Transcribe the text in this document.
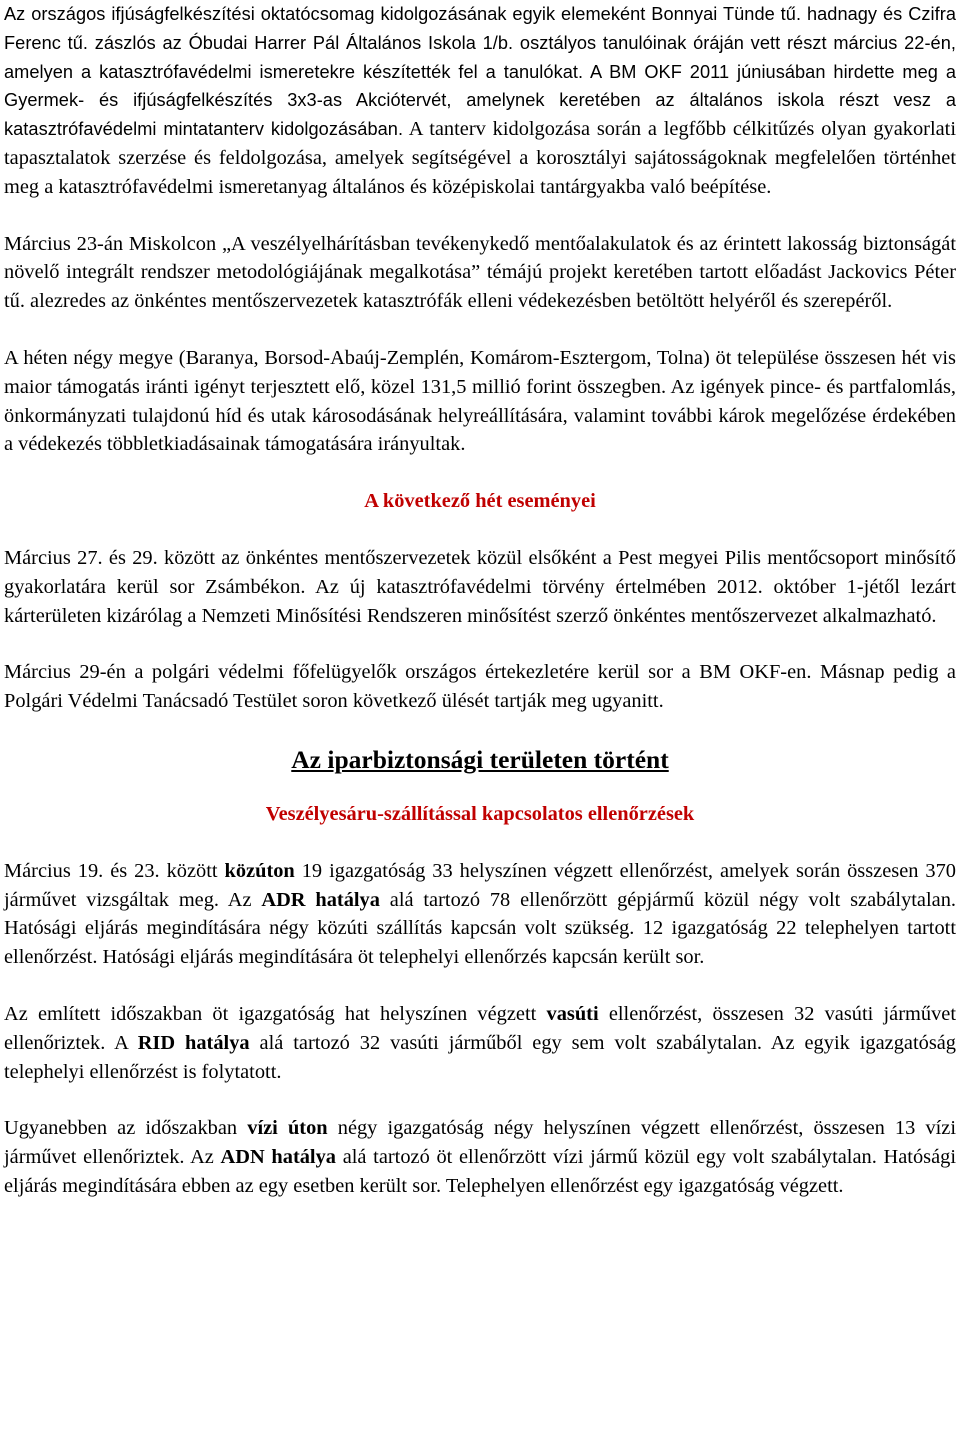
Az országos ifjúságfelkészítési oktatócsomag kidolgozásának egyik elemeként Bonnyai Tünde tű. hadnagy és Czifra Ferenc tű. zászlós az Óbudai Harrer Pál Általános Iskola 1/b. osztályos tanulóinak óráján vett részt március 22-én, amelyen a katasztrófavédelmi ismeretekre készítették fel a tanulókat. A BM OKF 2011 júniusában hirdette meg a Gyermek- és ifjúságfelkészítés 3x3-as Akciótervét, amelynek keretében az általános iskola részt vesz a katasztrófavédelmi mintatanterv kidolgozásában. A tanterv kidolgozása során a legfőbb célkitűzés olyan gyakorlati tapasztalatok szerzése és feldolgozása, amelyek segítségével a korosztályi sajátosságoknak megfelelően történhet meg a katasztrófavédelmi ismeretanyag általános és középiskolai tantárgyakba való beépítése.

Március 23-án Miskolcon „A veszélyelhárításban tevékenykedő mentőalakulatok és az érintett lakosság biztonságát növelő integrált rendszer metodológiájának megalkotása” témájú projekt keretében tartott előadást Jackovics Péter tű. alezredes az önkéntes mentőszervezetek katasztrófák elleni védekezésben betöltött helyéről és szerepéről.

A héten négy megye (Baranya, Borsod-Abaúj-Zemplén, Komárom-Esztergom, Tolna) öt települése összesen hét vis maior támogatás iránti igényt terjesztett elő, közel 131,5 millió forint összegben. Az igények pince- és partfalomlás, önkormányzati tulajdonú híd és utak károsodásának helyreállítására, valamint további károk megelőzése érdekében a védekezés többletkiadásainak támogatására irányultak.

A következő hét eseményei

Március 27. és 29. között az önkéntes mentőszervezetek közül elsőként a Pest megyei Pilis mentőcsoport minősítő gyakorlatára kerül sor Zsámbékon. Az új katasztrófavédelmi törvény értelmében 2012. október 1-jétől lezárt kárterületen kizárólag a Nemzeti Minősítési Rendszeren minősítést szerző önkéntes mentőszervezet alkalmazható.

Március 29-én a polgári védelmi főfelügyelők országos értekezletére kerül sor a BM OKF-en. Másnap pedig a Polgári Védelmi Tanácsadó Testület soron következő ülését tartják meg ugyanitt.

Az iparbiztonsági területen történt

Veszélyesáru-szállítással kapcsolatos ellenőrzések

Március 19. és 23. között közúton 19 igazgatóság 33 helyszínen végzett ellenőrzést, amelyek során összesen 370 járművet vizsgáltak meg. Az ADR hatálya alá tartozó 78 ellenőrzött gépjármű közül négy volt szabálytalan. Hatósági eljárás megindítására négy közúti szállítás kapcsán volt szükség. 12 igazgatóság 22 telephelyen tartott ellenőrzést. Hatósági eljárás megindítására öt telephelyi ellenőrzés kapcsán került sor.

Az említett időszakban öt igazgatóság hat helyszínen végzett vasúti ellenőrzést, összesen 32 vasúti járművet ellenőriztek. A RID hatálya alá tartozó 32 vasúti járműből egy sem volt szabálytalan. Az egyik igazgatóság telephelyi ellenőrzést is folytatott.

Ugyanebben az időszakban vízi úton négy igazgatóság négy helyszínen végzett ellenőrzést, összesen 13 vízi járművet ellenőriztek. Az ADN hatálya alá tartozó öt ellenőrzött vízi jármű közül egy volt szabálytalan. Hatósági eljárás megindítására ebben az egy esetben került sor. Telephelyen ellenőrzést egy igazgatóság végzett.
